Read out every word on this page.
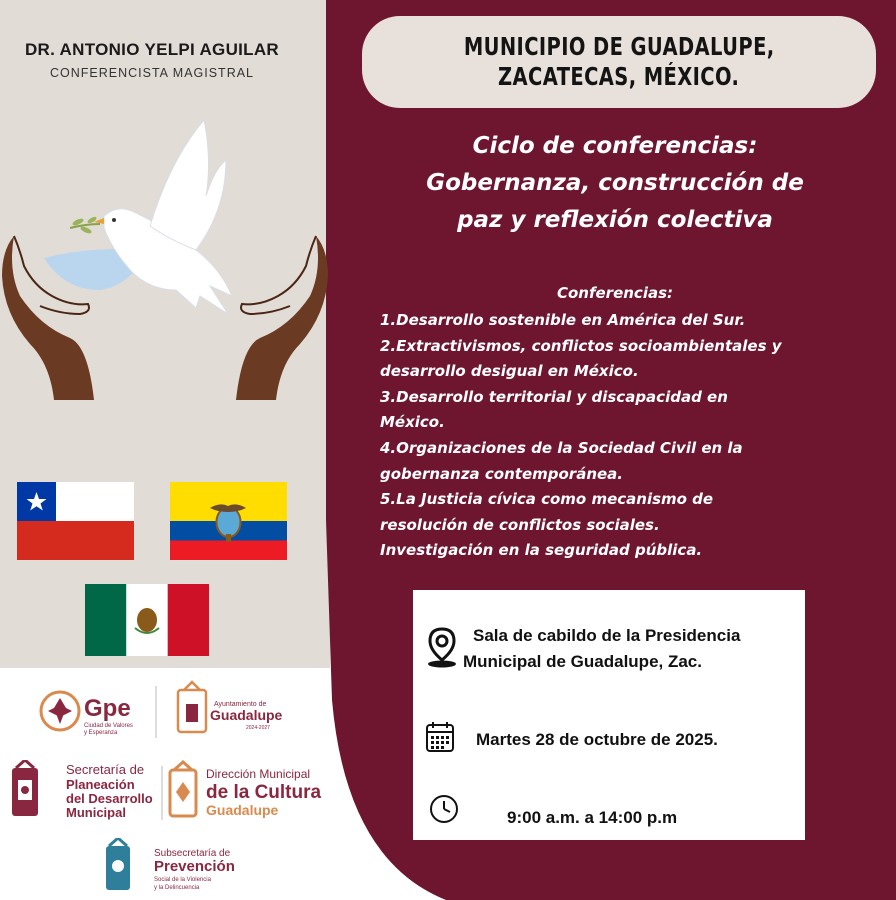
DR. ANTONIO YELPI AGUILAR
CONFERENCISTA MAGISTRAL
MUNICIPIO DE GUADALUPE,
ZACATECAS, MÉXICO.
Ciclo de conferencias:
Gobernanza, construcción de
paz y reflexión colectiva
Conferencias:
1.Desarrollo sostenible en América del Sur.
2.Extractivismos, conflictos socioambientales y
desarrollo desigual en México.
3.Desarrollo territorial y discapacidad en
México.
4.Organizaciones de la Sociedad Civil en la
gobernanza contemporánea.
5.La Justicia cívica como mecanismo de
resolución de conflictos sociales.
Investigación en la seguridad pública.
Sala de cabildo de la Presidencia
Municipal de Guadalupe, Zac.
Martes 28 de octubre de 2025.
9:00 a.m. a 14:00 p.m
Gpe
Ciudad de Valores
y Esperanza
Ayuntamiento de
Guadalupe
2024-2027
Secretaría de
Planeación
del Desarrollo
Municipal
Dirección Municipal
de la Cultura
Guadalupe
Subsecretaría de
Prevención
Social de la Violencia
y la Delincuencia
